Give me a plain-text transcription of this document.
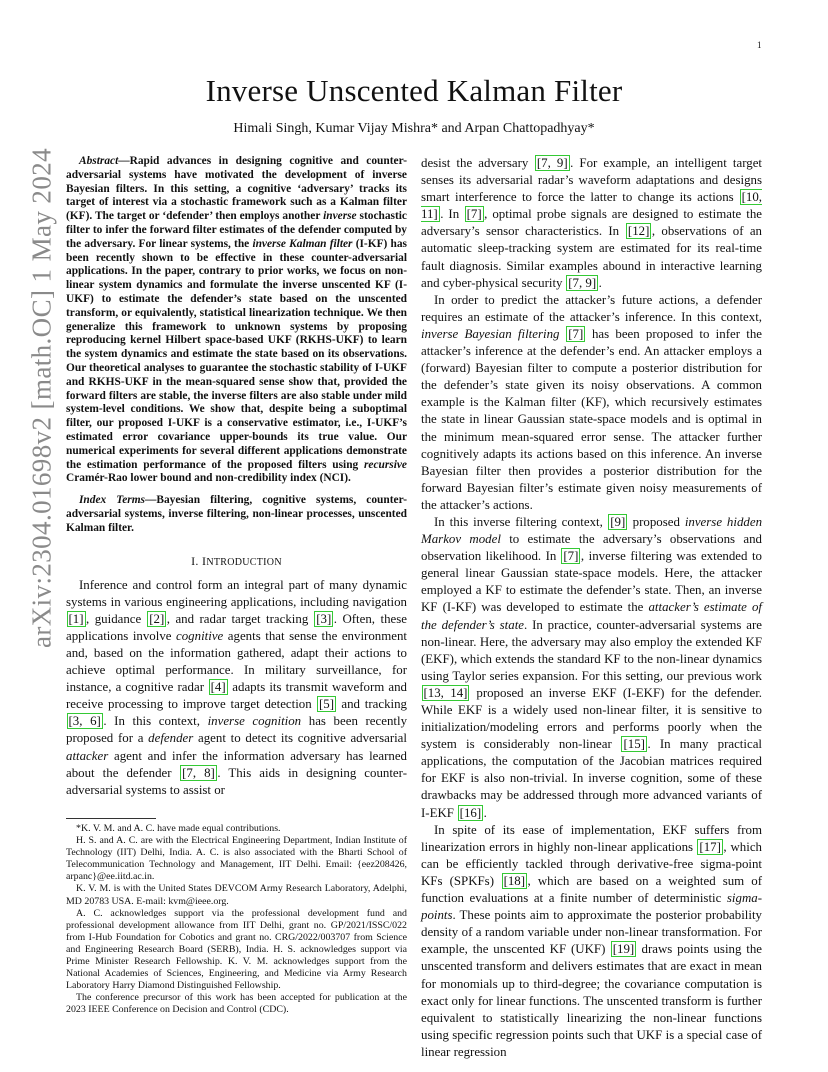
1
arXiv:2304.01698v2 [math.OC] 1 May 2024
Inverse Unscented Kalman Filter
Himali Singh, Kumar Vijay Mishra* and Arpan Chattopadhyay*

Abstract—Rapid advances in designing cognitive and counter-adversarial systems have motivated the development of inverse Bayesian filters. In this setting, a cognitive ‘adversary’ tracks its target of interest via a stochastic framework such as a Kalman filter (KF). The target or ‘defender’ then employs another inverse stochastic filter to infer the forward filter estimates of the defender computed by the adversary. For linear systems, the inverse Kalman filter (I-KF) has been recently shown to be effective in these counter-adversarial applications. In the paper, contrary to prior works, we focus on non-linear system dynamics and formulate the inverse unscented KF (I-UKF) to estimate the defender’s state based on the unscented transform, or equivalently, statistical linearization technique. We then generalize this framework to unknown systems by proposing reproducing kernel Hilbert space-based UKF (RKHS-UKF) to learn the system dynamics and estimate the state based on its observations. Our theoretical analyses to guarantee the stochastic stability of I-UKF and RKHS-UKF in the mean-squared sense show that, provided the forward filters are stable, the inverse filters are also stable under mild system-level conditions. We show that, despite being a suboptimal filter, our proposed I-UKF is a conservative estimator, i.e., I-UKF’s estimated error covariance upper-bounds its true value. Our numerical experiments for several different applications demonstrate the estimation performance of the proposed filters using recursive Cramér-Rao lower bound and non-credibility index (NCI).

Index Terms—Bayesian filtering, cognitive systems, counter-adversarial systems, inverse filtering, non-linear processes, unscented Kalman filter.

I. INTRODUCTION

Inference and control form an integral part of many dynamic systems in various engineering applications, including navigation [1] , guidance [2] , and radar target tracking [3] . Often, these applications involve cognitive agents that sense the environment and, based on the information gathered, adapt their actions to achieve optimal performance. In military surveillance, for instance, a cognitive radar [4] adapts its transmit waveform and receive processing to improve target detection [5] and tracking [3, 6] . In this context, inverse cognition has been recently proposed for a defender agent to detect its cognitive adversarial attacker agent and infer the information adversary has learned about the defender [7, 8] . This aids in designing counter-adversarial systems to assist or

*K. V. M. and A. C. have made equal contributions.

H. S. and A. C. are with the Electrical Engineering Department, Indian Institute of Technology (IIT) Delhi, India. A. C. is also associated with the Bharti School of Telecommunication Technology and Management, IIT Delhi. Email: {eez208426, arpanc}@ee.iitd.ac.in.

K. V. M. is with the United States DEVCOM Army Research Laboratory, Adelphi, MD 20783 USA. E-mail: kvm@ieee.org.

A. C. acknowledges support via the professional development fund and professional development allowance from IIT Delhi, grant no. GP/2021/ISSC/022 from I-Hub Foundation for Cobotics and grant no. CRG/2022/003707 from Science and Engineering Research Board (SERB), India. H. S. acknowledges support via Prime Minister Research Fellowship. K. V. M. acknowledges support from the National Academies of Sciences, Engineering, and Medicine via Army Research Laboratory Harry Diamond Distinguished Fellowship.

The conference precursor of this work has been accepted for publication at the 2023 IEEE Conference on Decision and Control (CDC).

desist the adversary [7, 9] . For example, an intelligent target senses its adversarial radar’s waveform adaptations and designs smart interference to force the latter to change its actions [10, 11] . In [7] , optimal probe signals are designed to estimate the adversary’s sensor characteristics. In [12] , observations of an automatic sleep-tracking system are estimated for its real-time fault diagnosis. Similar examples abound in interactive learning and cyber-physical security [7, 9] .

In order to predict the attacker’s future actions, a defender requires an estimate of the attacker’s inference. In this context, inverse Bayesian filtering [7] has been proposed to infer the attacker’s inference at the defender’s end. An attacker employs a (forward) Bayesian filter to compute a posterior distribution for the defender’s state given its noisy observations. A common example is the Kalman filter (KF), which recursively estimates the state in linear Gaussian state-space models and is optimal in the minimum mean-squared error sense. The attacker further cognitively adapts its actions based on this inference. An inverse Bayesian filter then provides a posterior distribution for the forward Bayesian filter’s estimate given noisy measurements of the attacker’s actions.

In this inverse filtering context, [9] proposed inverse hidden Markov model to estimate the adversary’s observations and observation likelihood. In [7] , inverse filtering was extended to general linear Gaussian state-space models. Here, the attacker employed a KF to estimate the defender’s state. Then, an inverse KF (I-KF) was developed to estimate the attacker’s estimate of the defender’s state. In practice, counter-adversarial systems are non-linear. Here, the adversary may also employ the extended KF (EKF), which extends the standard KF to the non-linear dynamics using Taylor series expansion. For this setting, our previous work [13, 14] proposed an inverse EKF (I-EKF) for the defender. While EKF is a widely used non-linear filter, it is sensitive to initialization/modeling errors and performs poorly when the system is considerably non-linear [15] . In many practical applications, the computation of the Jacobian matrices required for EKF is also non-trivial. In inverse cognition, some of these drawbacks may be addressed through more advanced variants of I-EKF [16] .

In spite of its ease of implementation, EKF suffers from linearization errors in highly non-linear applications [17] , which can be efficiently tackled through derivative-free sigma-point KFs (SPKFs) [18] , which are based on a weighted sum of function evaluations at a finite number of deterministic sigma-points. These points aim to approximate the posterior probability density of a random variable under non-linear transformation. For example, the unscented KF (UKF) [19] draws points using the unscented transform and delivers estimates that are exact in mean for monomials up to third-degree; the covariance computation is exact only for linear functions. The unscented transform is further equivalent to statistically linearizing the non-linear functions using specific regression points such that UKF is a special case of linear regression
